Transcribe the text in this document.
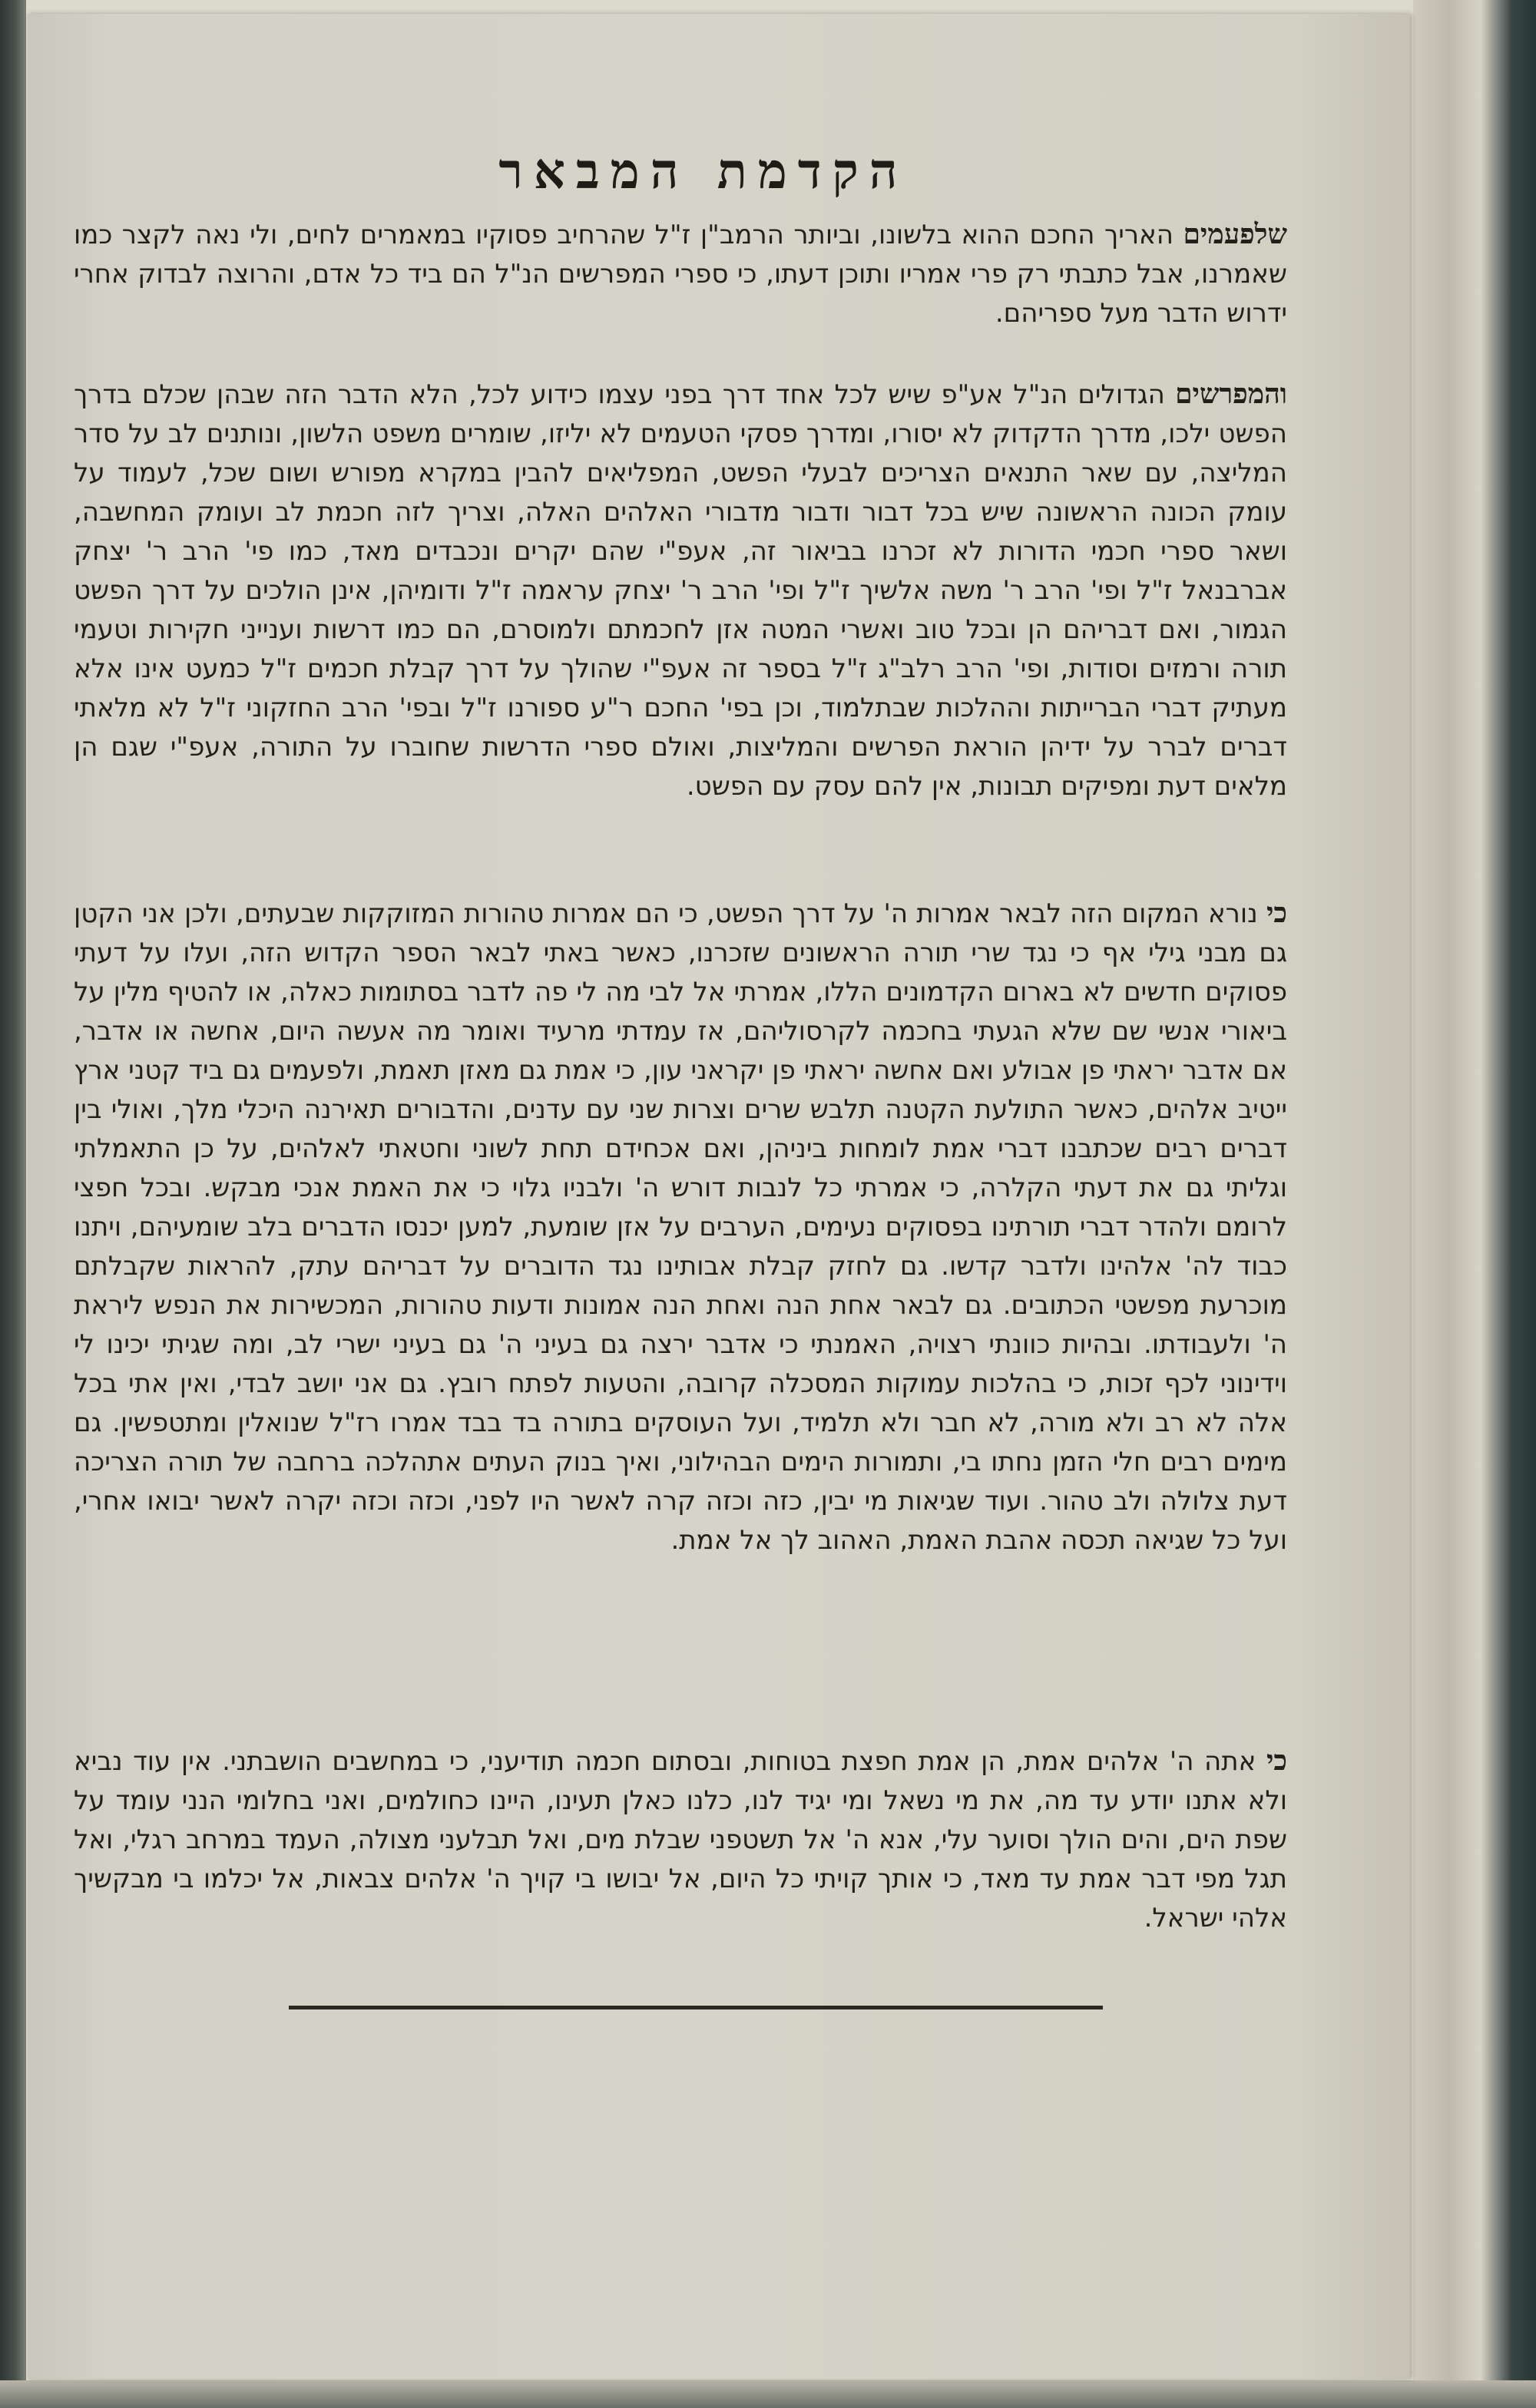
הקדמת המבאר
שלפעמים האריך החכם ההוא בלשונו, וביותר הרמב"ן ז"ל שהרחיב פסוקיו במאמרים לחים, ולי נאה לקצר כמו שאמרנו, אבל כתבתי רק פרי אמריו ותוכן דעתו, כי ספרי המפרשים הנ"ל הם ביד כל אדם, והרוצה לבדוק אחרי ידרוש הדבר מעל ספריהם.
והמפרשים הגדולים הנ"ל אע"פ שיש לכל אחד דרך בפני עצמו כידוע לכל, הלא הדבר הזה שבהן שכלם בדרך הפשט ילכו, מדרך הדקדוק לא יסורו, ומדרך פסקי הטעמים לא יליזו, שומרים משפט הלשון, ונותנים לב על סדר המליצה, עם שאר התנאים הצריכים לבעלי הפשט, המפליאים להבין במקרא מפורש ושום שכל, לעמוד על עומק הכונה הראשונה שיש בכל דבור ודבור מדבורי האלהים האלה, וצריך לזה חכמת לב ועומק המחשבה, ושאר ספרי חכמי הדורות לא זכרנו בביאור זה, אעפ"י שהם יקרים ונכבדים מאד, כמו פי' הרב ר' יצחק אברבנאל ז"ל ופי' הרב ר' משה אלשיך ז"ל ופי' הרב ר' יצחק עראמה ז"ל ודומיהן, אינן הולכים על דרך הפשט הגמור, ואם דבריהם הן ובכל טוב ואשרי המטה אזן לחכמתם ולמוסרם, הם כמו דרשות וענייני חקירות וטעמי תורה ורמזים וסודות, ופי' הרב רלב"ג ז"ל בספר זה אעפ"י שהולך על דרך קבלת חכמים ז"ל כמעט אינו אלא מעתיק דברי הברייתות וההלכות שבתלמוד, וכן בפי' החכם ר"ע ספורנו ז"ל ובפי' הרב החזקוני ז"ל לא מלאתי דברים לברר על ידיהן הוראת הפרשים והמליצות, ואולם ספרי הדרשות שחוברו על התורה, אעפ"י שגם הן מלאים דעת ומפיקים תבונות, אין להם עסק עם הפשט.
כי נורא המקום הזה לבאר אמרות ה' על דרך הפשט, כי הם אמרות טהורות המזוקקות שבעתים, ולכן אני הקטן גם מבני גילי אף כי נגד שרי תורה הראשונים שזכרנו, כאשר באתי לבאר הספר הקדוש הזה, ועלו על דעתי פסוקים חדשים לא בארום הקדמונים הללו, אמרתי אל לבי מה לי פה לדבר בסתומות כאלה, או להטיף מלין על ביאורי אנשי שם שלא הגעתי בחכמה לקרסוליהם, אז עמדתי מרעיד ואומר מה אעשה היום, אחשה או אדבר, אם אדבר יראתי פן אבולע ואם אחשה יראתי פן יקראני עון, כי אמת גם מאזן תאמת, ולפעמים גם ביד קטני ארץ ייטיב אלהים, כאשר התולעת הקטנה תלבש שרים וצרות שני עם עדנים, והדבורים תאירנה היכלי מלך, ואולי בין דברים רבים שכתבנו דברי אמת לומחות ביניהן, ואם אכחידם תחת לשוני וחטאתי לאלהים, על כן התאמלתי וגליתי גם את דעתי הקלרה, כי אמרתי כל לנבות דורש ה' ולבניו גלוי כי את האמת אנכי מבקש. ובכל חפצי לרומם ולהדר דברי תורתינו בפסוקים נעימים, הערבים על אזן שומעת, למען יכנסו הדברים בלב שומעיהם, ויתנו כבוד לה' אלהינו ולדבר קדשו. גם לחזק קבלת אבותינו נגד הדוברים על דבריהם עתק, להראות שקבלתם מוכרעת מפשטי הכתובים. גם לבאר אחת הנה ואחת הנה אמונות ודעות טהורות, המכשירות את הנפש ליראת ה' ולעבודתו. ובהיות כוונתי רצויה, האמנתי כי אדבר ירצה גם בעיני ה' גם בעיני ישרי לב, ומה שגיתי יכינו לי וידינוני לכף זכות, כי בהלכות עמוקות המסכלה קרובה, והטעות לפתח רובץ. גם אני יושב לבדי, ואין אתי בכל אלה לא רב ולא מורה, לא חבר ולא תלמיד, ועל העוסקים בתורה בד בבד אמרו רז"ל שנואלין ומתטפשין. גם מימים רבים חלי הזמן נחתו בי, ותמורות הימים הבהילוני, ואיך בנוק העתים אתהלכה ברחבה של תורה הצריכה דעת צלולה ולב טהור. ועוד שגיאות מי יבין, כזה וכזה קרה לאשר היו לפני, וכזה וכזה יקרה לאשר יבואו אחרי, ועל כל שגיאה תכסה אהבת האמת, האהוב לך אל אמת.
כי אתה ה' אלהים אמת, הן אמת חפצת בטוחות, ובסתום חכמה תודיעני, כי במחשבים הושבתני. אין עוד נביא ולא אתנו יודע עד מה, את מי נשאל ומי יגיד לנו, כלנו כאלן תעינו, היינו כחולמים, ואני בחלומי הנני עומד על שפת הים, והים הולך וסוער עלי, אנא ה' אל תשטפני שבלת מים, ואל תבלעני מצולה, העמד במרחב רגלי, ואל תגל מפי דבר אמת עד מאד, כי אותך קויתי כל היום, אל יבושו בי קויך ה' אלהים צבאות, אל יכלמו בי מבקשיך אלהי ישראל.
